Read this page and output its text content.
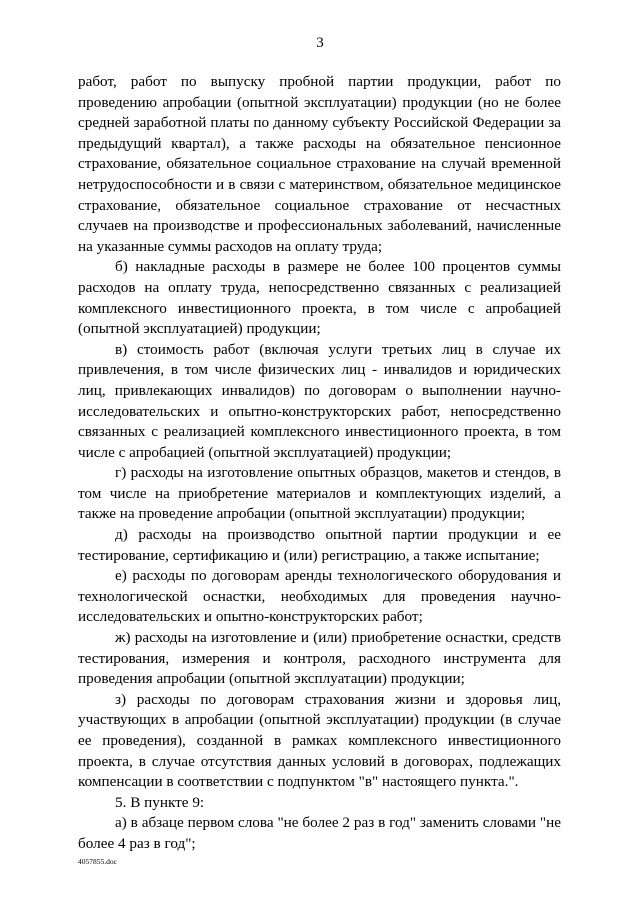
3

работ, работ по выпуску пробной партии продукции, работ по проведению апробации (опытной эксплуатации) продукции (но не более средней заработной платы по данному субъекту Российской Федерации за предыдущий квартал), а также расходы на обязательное пенсионное страхование, обязательное социальное страхование на случай временной нетрудоспособности и в связи с материнством, обязательное медицинское страхование, обязательное социальное страхование от несчастных случаев на производстве и профессиональных заболеваний, начисленные на указанные суммы расходов на оплату труда;

б) накладные расходы в размере не более 100 процентов суммы расходов на оплату труда, непосредственно связанных с реализацией комплексного инвестиционного проекта, в том числе с апробацией (опытной эксплуатацией) продукции;

в) стоимость работ (включая услуги третьих лиц в случае их привлечения, в том числе физических лиц - инвалидов и юридических лиц, привлекающих инвалидов) по договорам о выполнении научно-исследовательских и опытно-конструкторских работ, непосредственно связанных с реализацией комплексного инвестиционного проекта, в том числе с апробацией (опытной эксплуатацией) продукции;

г) расходы на изготовление опытных образцов, макетов и стендов, в том числе на приобретение материалов и комплектующих изделий, а также на проведение апробации (опытной эксплуатации) продукции;

д) расходы на производство опытной партии продукции и ее тестирование, сертификацию и (или) регистрацию, а также испытание;

е) расходы по договорам аренды технологического оборудования и технологической оснастки, необходимых для проведения научно-исследовательских и опытно-конструкторских работ;

ж) расходы на изготовление и (или) приобретение оснастки, средств тестирования, измерения и контроля, расходного инструмента для проведения апробации (опытной эксплуатации) продукции;

з) расходы по договорам страхования жизни и здоровья лиц, участвующих в апробации (опытной эксплуатации) продукции (в случае ее проведения), созданной в рамках комплексного инвестиционного проекта, в случае отсутствия данных условий в договорах, подлежащих компенсации в соответствии с подпунктом "в" настоящего пункта.".

5. В пункте 9:

а) в абзаце первом слова "не более 2 раз в год" заменить словами "не более 4 раз в год";

4057855.doc
